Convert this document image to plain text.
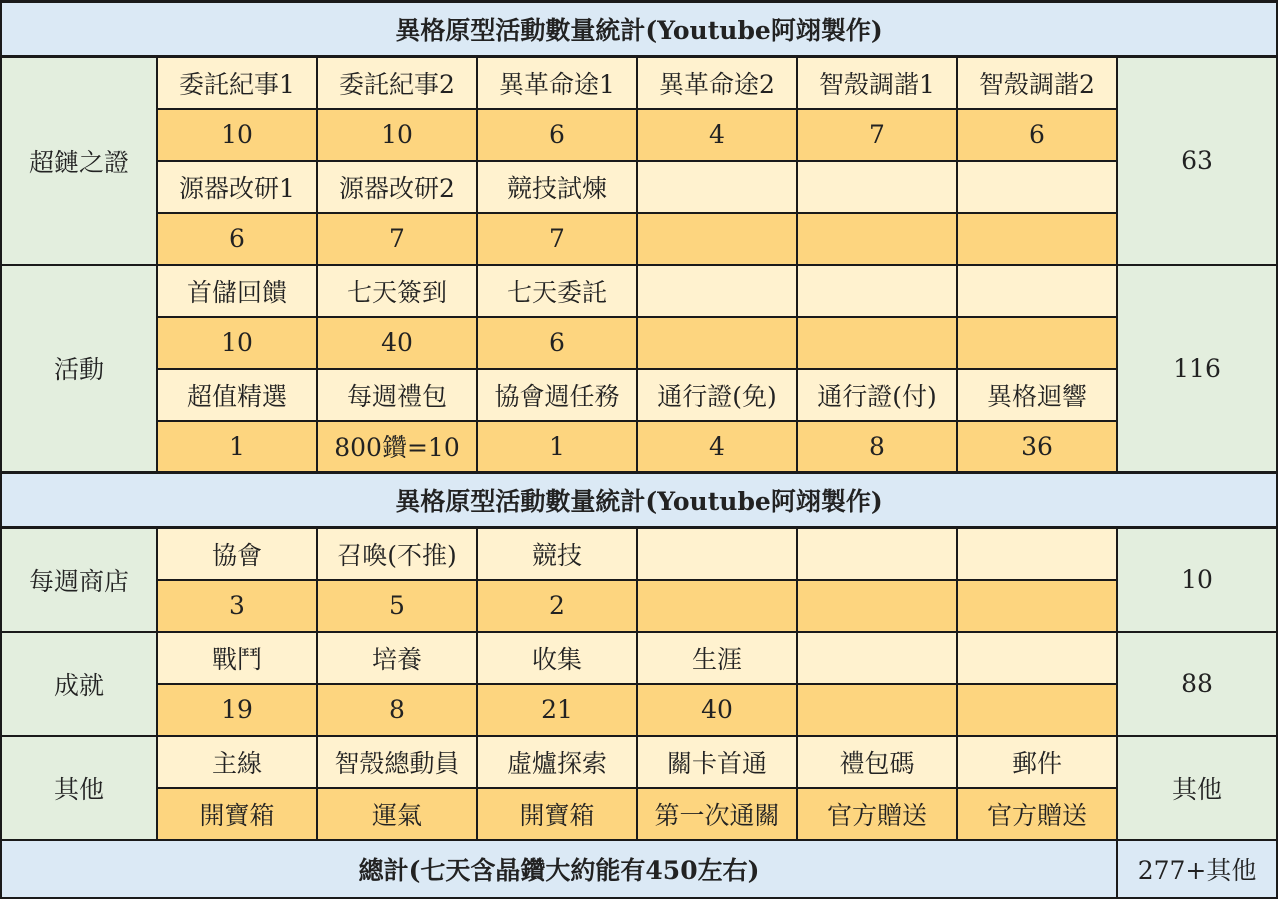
異格原型活動數量統計(Youtube阿翊製作)							
超鏈之證	委託紀事1	委託紀事2	異革命途1	異革命途2	智殼調諧1	智殼調諧2	63
	10	10	6	4	7	6	
	源器改研1	源器改研2	競技試煉				
	6	7	7				
活動	首儲回饋	七天簽到	七天委託				116
	10	40	6				
	超值精選	每週禮包	協會週任務	通行證(免)	通行證(付)	異格迴響	
	1	800鑽=10	1	4	8	36	
異格原型活動數量統計(Youtube阿翊製作)							
每週商店	協會	召喚(不推)	競技				10
	3	5	2				
成就	戰鬥	培養	收集	生涯			88
	19	8	21	40			
其他	主線	智殼總動員	虛爐探索	關卡首通	禮包碼	郵件	其他
	開寶箱	運氣	開寶箱	第一次通關	官方贈送	官方贈送	
總計(七天含晶鑽大約能有450左右)							277+其他
